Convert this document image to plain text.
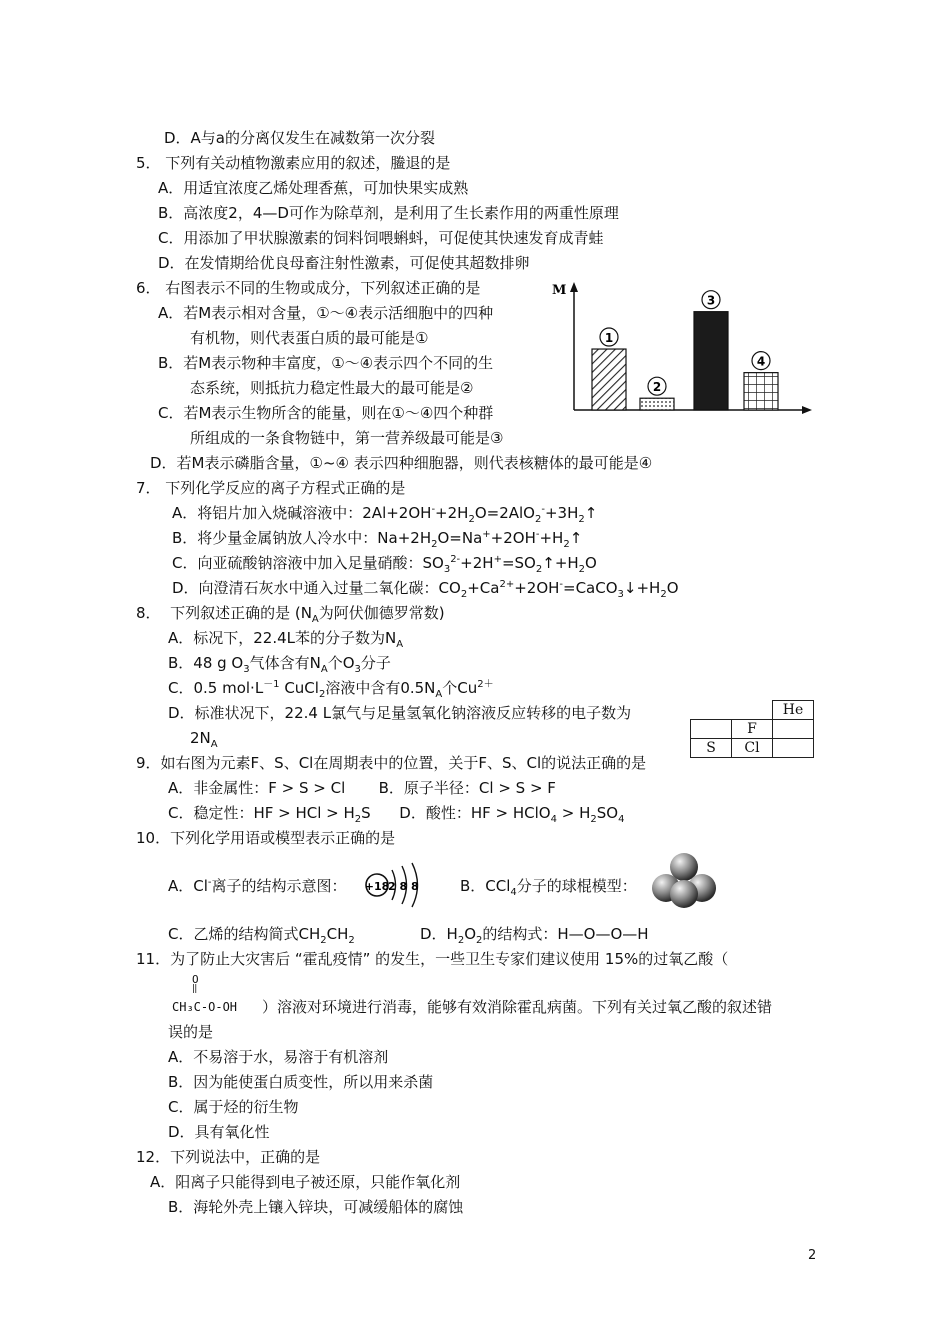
D．A与a的分离仅发生在减数第一次分裂
5． 下列有关动植物激素应用的叙述，䲢退的是
A．用适宜浓度乙烯处理香蕉，可加快果实成熟
B．高浓度2，4—D可作为除草剂，是利用了生长素作用的两重性原理
C．用添加了甲状腺激素的饲料饲喂蝌蚪，可促使其快速发育成青蛙
D．在发情期给优良母畜注射性激素，可促使其超数排卵
6． 右图表示不同的生物或成分，下列叙述正确的是
A．若M表示相对含量，①～④表示活细胞中的四种
有机物，则代表蛋白质的最可能是①
B．若M表示物种丰富度，①～④表示四个不同的生
态系统，则抵抗力稳定性最大的最可能是②
C．若M表示生物所含的能量，则在①～④四个种群
所组成的一条食物链中，第一营养级最可能是③
D．若M表示磷脂含量，①~④ 表示四种细胞器，则代表核糖体的最可能是④
M
1
2
3
4
7． 下列化学反应的离子方程式正确的是
A．将铝片加入烧碱溶液中：$2Al+2OH^-+2H_2O=2AlO_2^-+3H_2↑$
B．将少量金属钠放人冷水中：$Na+2H_2O=Na^++2OH^-+H_2↑$
C．向亚硫酸钠溶液中加入足量硝酸：$SO_3^{2-}+2H^+=SO_2↑+H_2O$
D．向澄清石灰水中通入过量二氧化碳：$CO_2+Ca^{2+}+2OH^-=CaCO_3↓+H_2O$
8．  下列叙述正确的是 ($N_A$为阿伏伽德罗常数)
A．标况下，22.4L苯的分子数为$N_A$
B．48 g $O_3$气体含有$N_A$个$O_3$分子
C．0.5 $mol\cdot L^{-1}$ CuCl$_2$溶液中含有$0.5N_A$个$Cu^{2+}$
D．标准状况下，22.4 L氯气与足量氢氧化钠溶液反应转移的电子数为
$2N_A$
		He
	F	
S	Cl	
9．如右图为元素F、S、Cl在周期表中的位置，关于F、S、Cl的说法正确的是
A．非金属性：F > S > Cl       B．原子半径：Cl > S > F
C．稳定性：HF > HCl > $H_2S$      D．酸性：HF > HClO$_4$ > $H_2SO_4$
10．下列化学用语或模型表示正确的是
A．Cl-离子的结构示意图： +18
2 8 8	B．CCl$_4$分子的球棍模型：
C．乙烯的结构简式$CH_2CH_2$	D．$H_2O_2$的结构式：H—O—O—H
11．为了防止大灾害后 “霍乱疫情” 的发生，一些卫生专家们建议使用 15%的过氧乙酸（
O
‖
CH₃C-O-OH ）溶液对环境进行消毒，能够有效消除霍乱病菌。下列有关过氧乙酸的叙述错
误的是
A．不易溶于水，易溶于有机溶剂
B．因为能使蛋白质变性，所以用来杀菌
C．属于烃的衍生物
D．具有氧化性
12．下列说法中，正确的是
A．阳离子只能得到电子被还原，只能作氧化剂
B．海轮外壳上镶入锌块，可减缓船体的腐蚀
2
